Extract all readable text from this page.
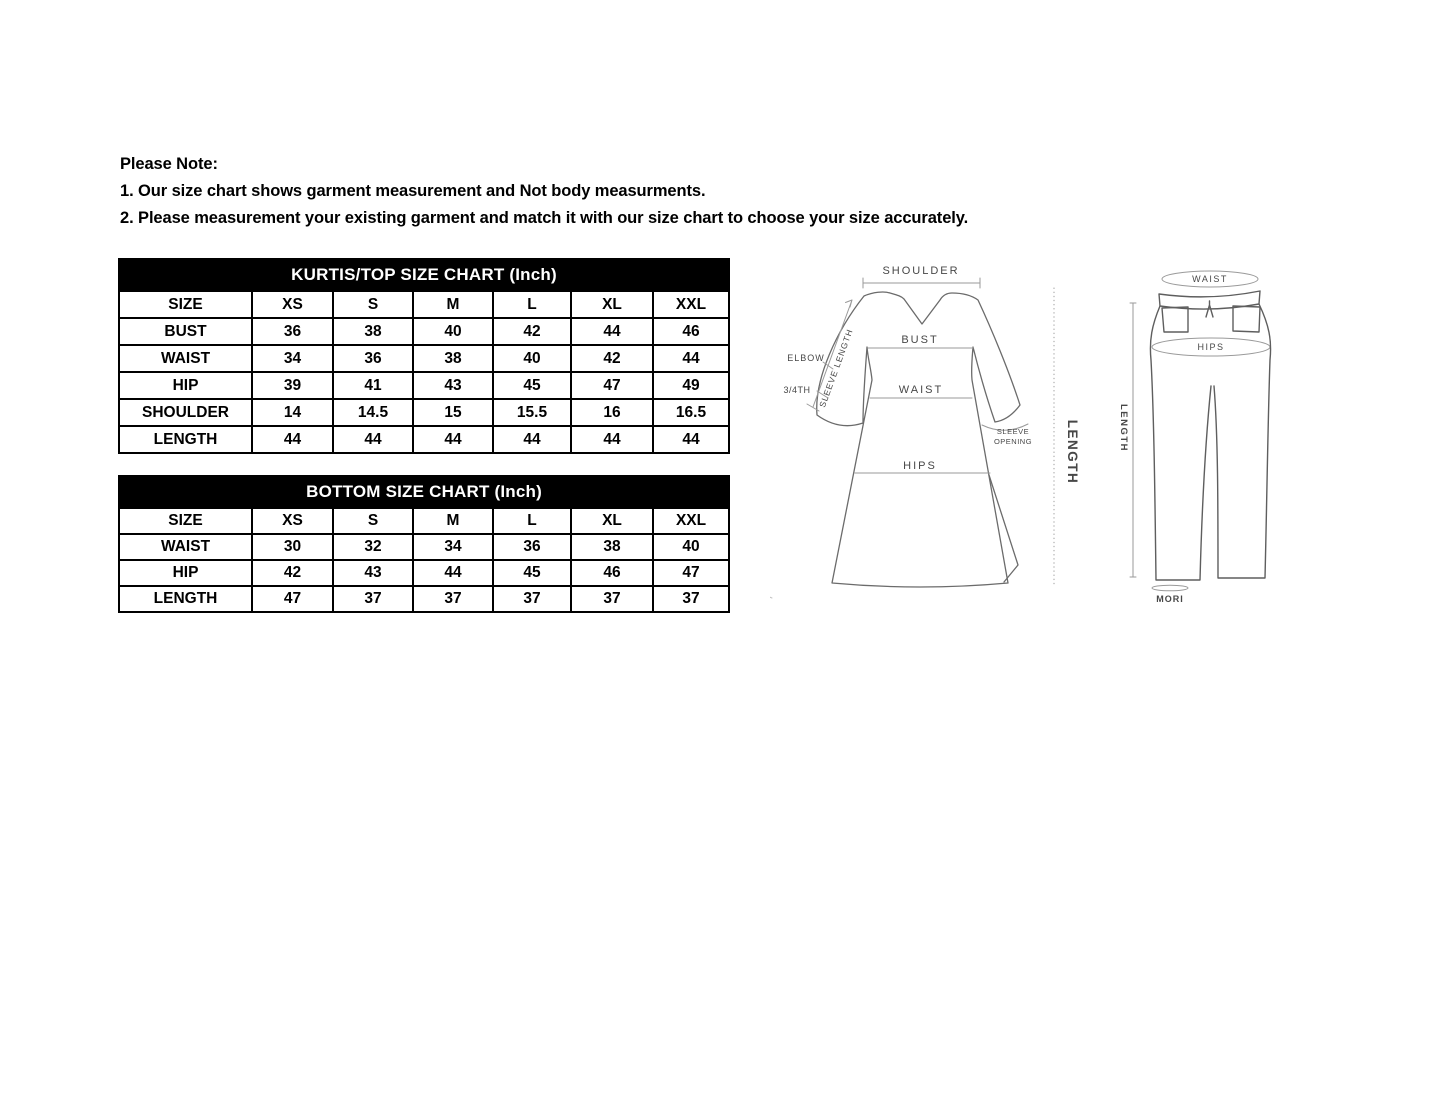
Please Note:
1. Our size chart shows garment measurement and Not body measurments.
2. Please measurement your existing garment and match it with our size chart to choose your size accurately.
KURTIS/TOP SIZE CHART (Inch)						
SIZE	XS	S	M	L	XL	XXL
BUST	36	38	40	42	44	46
WAIST	34	36	38	40	42	44
HIP	39	41	43	45	47	49
SHOULDER	14	14.5	15	15.5	16	16.5
LENGTH	44	44	44	44	44	44
BOTTOM SIZE CHART (Inch)						
SIZE	XS	S	M	L	XL	XXL
WAIST	30	32	34	36	38	40
HIP	42	43	44	45	46	47
LENGTH	47	37	37	37	37	37
SHOULDER
BUST
WAIST
HIPS
ELBOW
3/4TH SLEEVE LENGTH
SLEEVE
OPENING LENGTH
WAIST
HIPS
LENGTH
MORI
